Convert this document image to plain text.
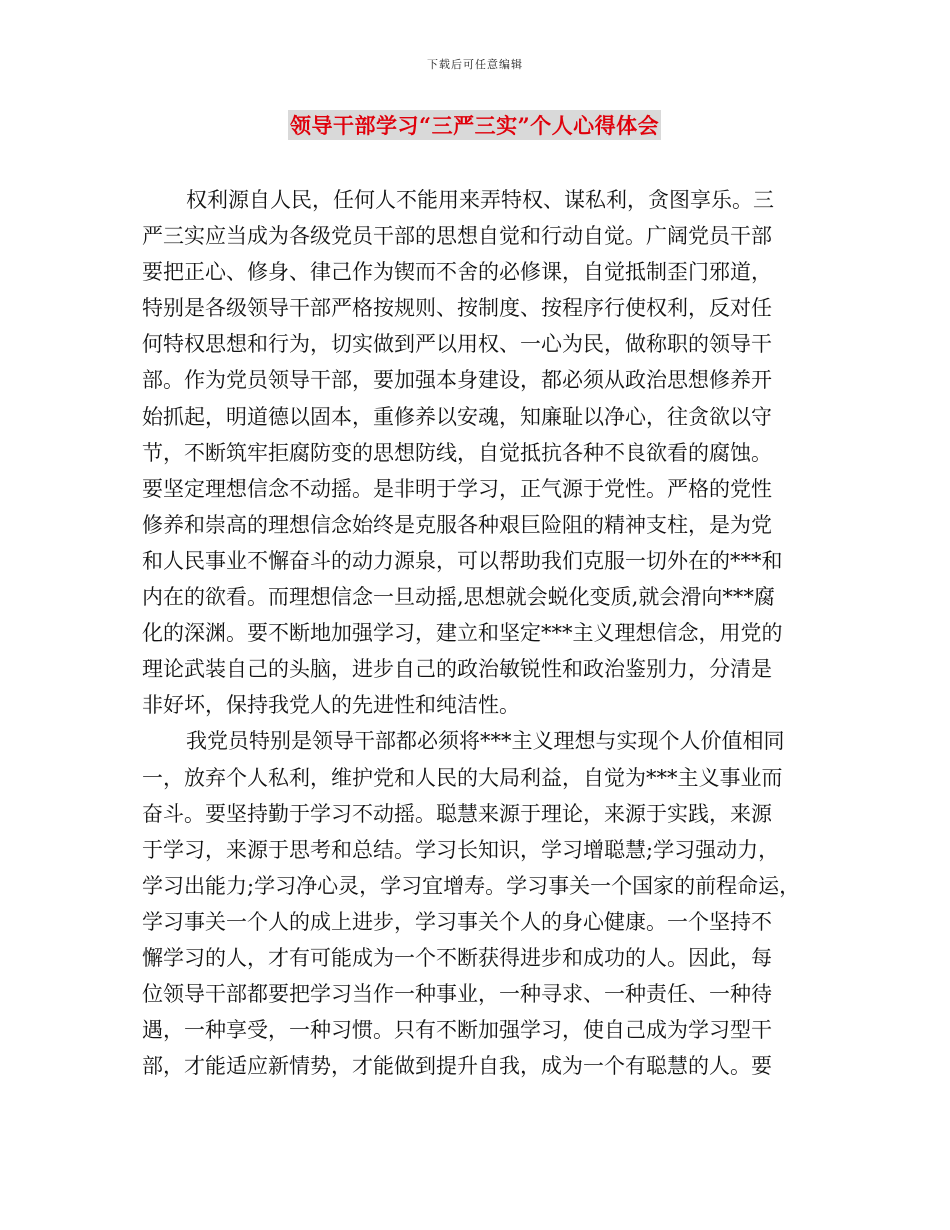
下载后可任意编辑
领导干部学习“三严三实”个人心得体会
权利源自人民，任何人不能用来弄特权、谋私利，贪图享乐。三
严三实应当成为各级党员干部的思想自觉和行动自觉。广阔党员干部
要把正心、修身、律己作为锲而不舍的必修课，自觉抵制歪门邪道，
特别是各级领导干部严格按规则、按制度、按程序行使权利，反对任
何特权思想和行为，切实做到严以用权、一心为民，做称职的领导干
部。作为党员领导干部，要加强本身建设，都必须从政治思想修养开
始抓起，明道德以固本，重修养以安魂，知廉耻以净心，往贪欲以守
节，不断筑牢拒腐防变的思想防线，自觉抵抗各种不良欲看的腐蚀。
要坚定理想信念不动摇。是非明于学习，正气源于党性。严格的党性
修养和崇高的理想信念始终是克服各种艰巨险阻的精神支柱，是为党
和人民事业不懈奋斗的动力源泉，可以帮助我们克服一切外在的***和
内在的欲看。而理想信念一旦动摇,思想就会蜕化变质,就会滑向***腐
化的深渊。要不断地加强学习，建立和坚定***主义理想信念，用党的
理论武装自己的头脑，进步自己的政治敏锐性和政治鉴别力，分清是
非好坏，保持我党人的先进性和纯洁性。
我党员特别是领导干部都必须将***主义理想与实现个人价值相同
一，放弃个人私利，维护党和人民的大局利益，自觉为***主义事业而
奋斗。要坚持勤于学习不动摇。聪慧来源于理论，来源于实践，来源
于学习，来源于思考和总结。学习长知识，学习增聪慧;学习强动力，
学习出能力;学习净心灵，学习宜增寿。学习事关一个国家的前程命运，
学习事关一个人的成上进步，学习事关个人的身心健康。一个坚持不
懈学习的人，才有可能成为一个不断获得进步和成功的人。因此，每
位领导干部都要把学习当作一种事业，一种寻求、一种责任、一种待
遇，一种享受，一种习惯。只有不断加强学习，使自己成为学习型干
部，才能适应新情势，才能做到提升自我，成为一个有聪慧的人。要
